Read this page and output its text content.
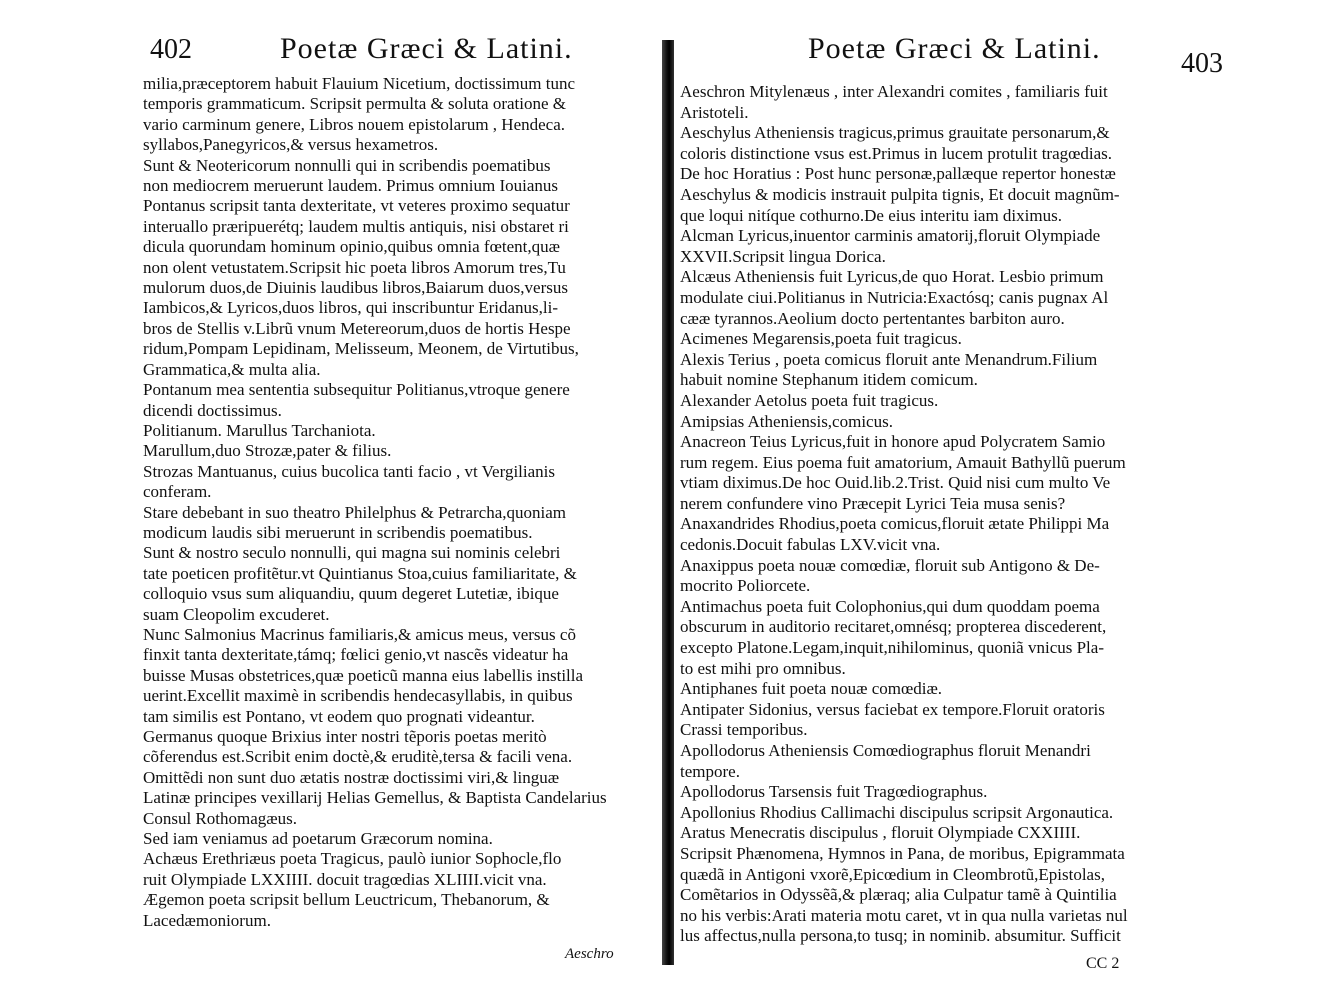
402	Poetæ Græci & Latini.
milia,præceptorem habuit Flauium Nicetium, doctissimum tunc
temporis grammaticum. Scripsit permulta & soluta oratione &
vario carminum genere, Libros nouem epistolarum , Hendeca.
syllabos,Panegyricos,& versus hexametros.
Sunt & Neotericorum nonnulli qui in scribendis poematibus
non mediocrem meruerunt laudem. Primus omnium Iouianus
Pontanus scripsit tanta dexteritate, vt veteres proximo sequatur
interuallo præripuerétq; laudem multis antiquis, nisi obstaret ri
dicula quorundam hominum opinio,quibus omnia fœtent,quæ
non olent vetustatem.Scripsit hic poeta libros Amorum tres,Tu
mulorum duos,de Diuinis laudibus libros,Baiarum duos,versus
Iambicos,& Lyricos,duos libros, qui inscribuntur Eridanus,li-
bros de Stellis v.Librũ vnum Metereorum,duos de hortis Hespe
ridum,Pompam Lepidinam, Melisseum, Meonem, de Virtutibus,
Grammatica,& multa alia.
Pontanum mea sententia subsequitur Politianus,vtroque genere
dicendi doctissimus.
Politianum. Marullus Tarchaniota.
Marullum,duo Strozæ,pater & filius.
Strozas Mantuanus, cuius bucolica tanti facio , vt Vergilianis
conferam.
Stare debebant in suo theatro Philelphus & Petrarcha,quoniam
modicum laudis sibi meruerunt in scribendis poematibus.
Sunt & nostro seculo nonnulli, qui magna sui nominis celebri
tate poeticen profitẽtur.vt Quintianus Stoa,cuius familiaritate, &
colloquio vsus sum aliquandiu, quum degeret Lutetiæ, ibique
suam Cleopolim excuderet.
Nunc Salmonius Macrinus familiaris,& amicus meus, versus cõ
finxit tanta dexteritate,támq; fœlici genio,vt nascẽs videatur ha
buisse Musas obstetrices,quæ poeticũ manna eius labellis instilla
uerint.Excellit maximè in scribendis hendecasyllabis, in quibus
tam similis est Pontano, vt eodem quo prognati videantur.
Germanus quoque Brixius inter nostri tẽporis poetas meritò
cõferendus est.Scribit enim doctè,& eruditè,tersa & facili vena.
Omittẽdi non sunt duo ætatis nostræ doctissimi viri,& linguæ
Latinæ principes vexillarij Helias Gemellus, & Baptista Candelarius
Consul Rothomagæus.
Sed iam veniamus ad poetarum Græcorum nomina.
Achæus Erethriæus poeta Tragicus, paulò iunior Sophocle,flo
ruit Olympiade LXXIIII. docuit tragœdias XLIIII.vicit vna.
Ægemon poeta scripsit bellum Leuctricum, Thebanorum, &
Lacedæmoniorum.
Aeschro
Poetæ Græci & Latini.	403
Aeschron Mitylenæus , inter Alexandri comites , familiaris fuit
Aristoteli.
Aeschylus Atheniensis tragicus,primus grauitate personarum,&
coloris distinctione vsus est.Primus in lucem protulit tragœdias.
De hoc Horatius : Post hunc personæ,pallæque repertor honestæ
Aeschylus & modicis instrauit pulpita tignis, Et docuit magnũm-
que loqui nitíque cothurno.De eius interitu iam diximus.
Alcman Lyricus,inuentor carminis amatorij,floruit Olympiade
XXVII.Scripsit lingua Dorica.
Alcæus Atheniensis fuit Lyricus,de quo Horat. Lesbio primum
modulate ciui.Politianus in Nutricia:Exactósq; canis pugnax Al
cææ tyrannos.Aeolium docto pertentantes barbiton auro.
Acimenes Megarensis,poeta fuit tragicus.
Alexis Terius , poeta comicus floruit ante Menandrum.Filium
habuit nomine Stephanum itidem comicum.
Alexander Aetolus poeta fuit tragicus.
Amipsias Atheniensis,comicus.
Anacreon Teius Lyricus,fuit in honore apud Polycratem Samio
rum regem. Eius poema fuit amatorium, Amauit Bathyllũ puerum
vtiam diximus.De hoc Ouid.lib.2.Trist. Quid nisi cum multo Ve
nerem confundere vino Præcepit Lyrici Teia musa senis?
Anaxandrides Rhodius,poeta comicus,floruit ætate Philippi Ma
cedonis.Docuit fabulas LXV.vicit vna.
Anaxippus poeta nouæ comœdiæ, floruit sub Antigono & De-
mocrito Poliorcete.
Antimachus poeta fuit Colophonius,qui dum quoddam poema
obscurum in auditorio recitaret,omnésq; propterea discederent,
excepto Platone.Legam,inquit,nihilominus, quoniã vnicus Pla-
to est mihi pro omnibus.
Antiphanes fuit poeta nouæ comœdiæ.
Antipater Sidonius, versus faciebat ex tempore.Floruit oratoris
Crassi temporibus.
Apollodorus Atheniensis Comœdiographus floruit Menandri
tempore.
Apollodorus Tarsensis fuit Tragœdiographus.
Apollonius Rhodius Callimachi discipulus scripsit Argonautica.
Aratus Menecratis discipulus , floruit Olympiade CXXIIII.
Scripsit Phænomena, Hymnos in Pana, de moribus, Epigrammata
quædã in Antigoni vxorẽ,Epicœdium in Cleombrotũ,Epistolas,
Comẽtarios in Odyssẽã,& plæraq; alia Culpatur tamẽ à Quintilia
no his verbis:Arati materia motu caret, vt in qua nulla varietas nul
lus affectus,nulla persona,to tusq; in nominib. absumitur. Sufficit
CC 2
